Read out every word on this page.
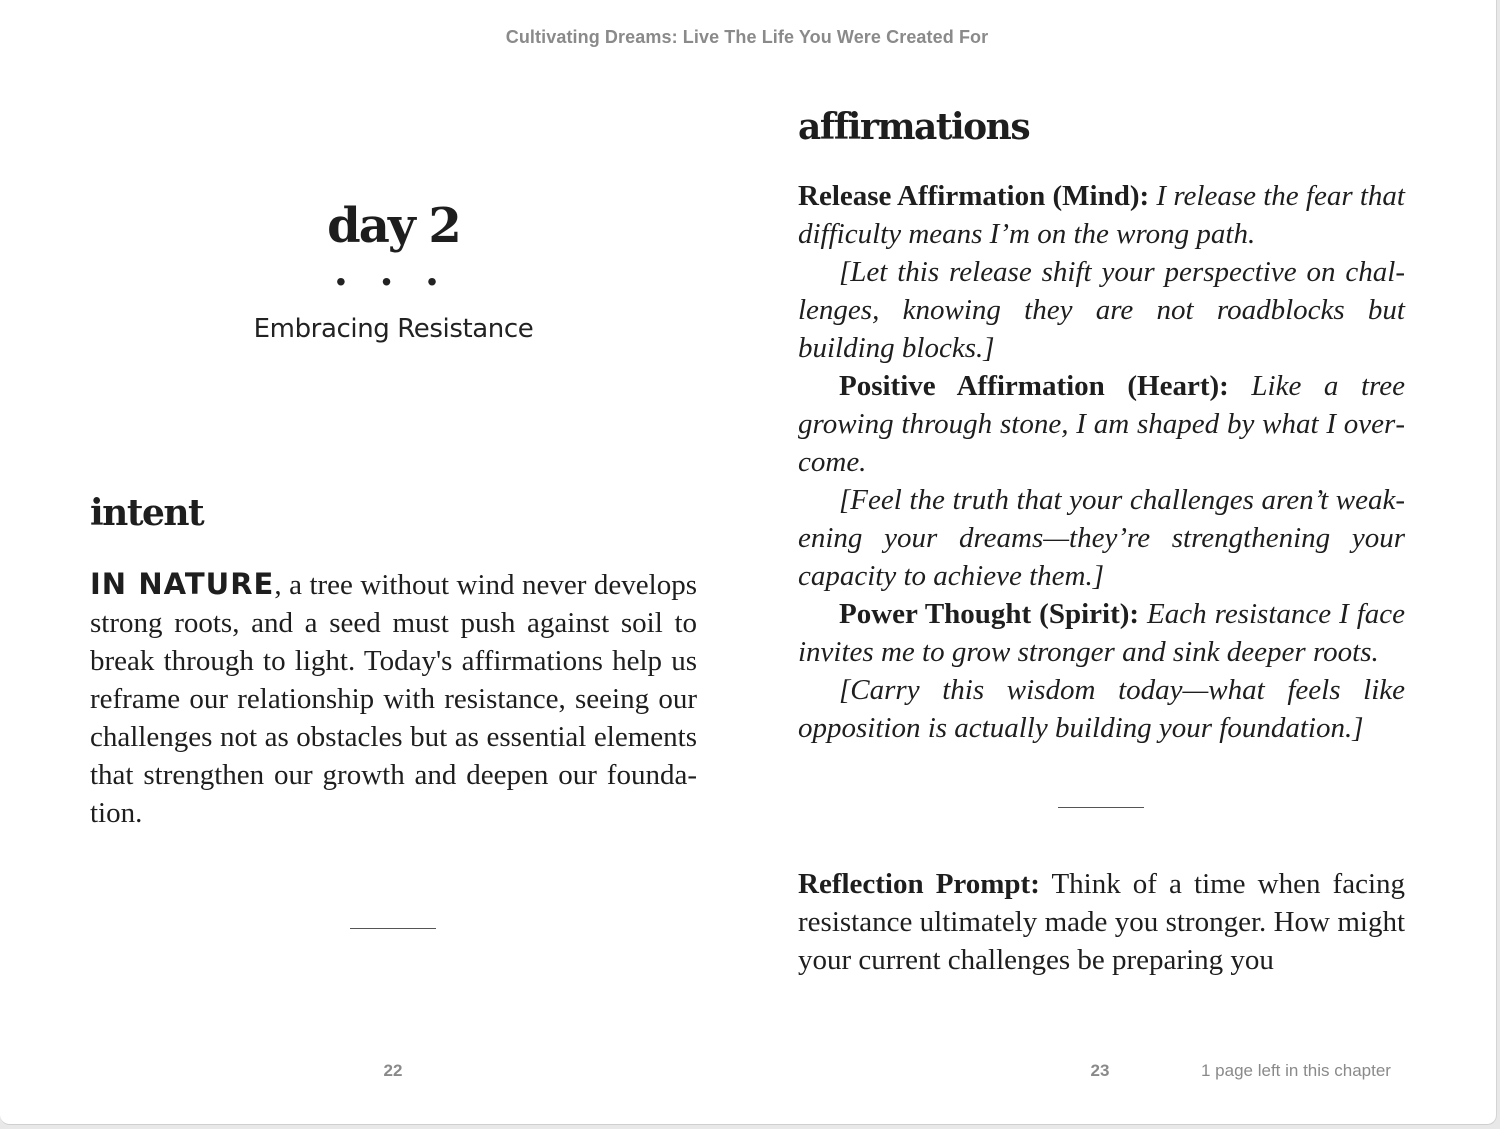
Cultivating Dreams: Live The Life You Were Created For
day 2
• • •
Embracing Resistance
intent

IN NATURE, a tree without wind never develops strong roots, and a seed must push against soil to break through to light. Today's affirmations help us reframe our relationship with resistance, seeing our challenges not as obstacles but as essential elements that strengthen our growth and deepen our foundation.

affirmations

Release Affirmation (Mind): I release the fear that difficulty means I’m on the wrong path.

[Let this release shift your perspective on challenges, knowing they are not roadblocks but building blocks.]

Positive Affirmation (Heart): Like a tree growing through stone, I am shaped by what I overcome.

[Feel the truth that your challenges aren’t weakening your dreams—they’re strengthening your capacity to achieve them.]

Power Thought (Spirit): Each resistance I face invites me to grow stronger and sink deeper roots.

[Carry this wisdom today—what feels like opposition is actually building your foundation.]

Reflection Prompt: Think of a time when facing resistance ultimately made you stronger. How might your current challenges be preparing you

22	23	1 page left in this chapter
